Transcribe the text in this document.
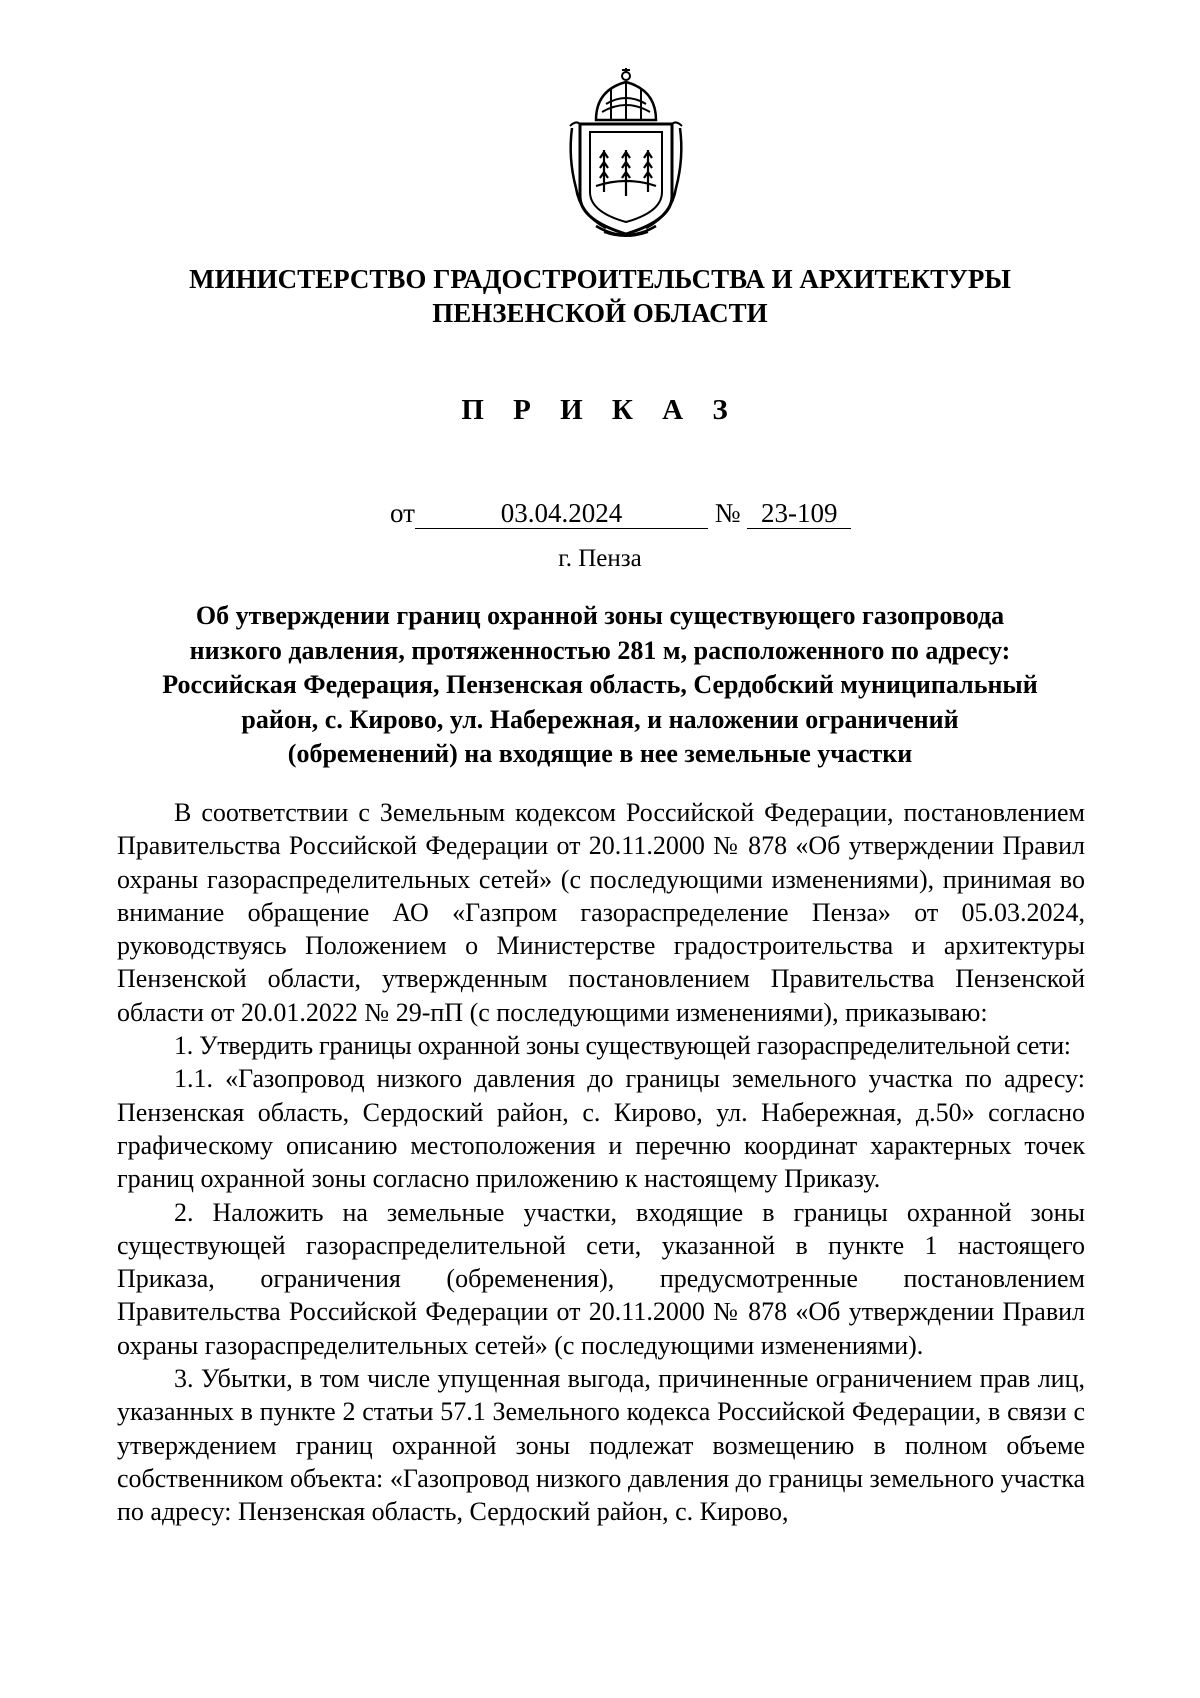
МИНИСТЕРСТВО ГРАДОСТРОИТЕЛЬСТВА И АРХИТЕКТУРЫ
ПЕНЗЕНСКОЙ ОБЛАСТИ
П Р И К А З
от	03.04.2024	№ 23-109
г. Пенза
Об утверждении границ охранной зоны существующего газопровода
низкого давления, протяженностью 281 м, расположенного по адресу:
Российская Федерация, Пензенская область, Сердобский муниципальный
район, с. Кирово, ул. Набережная, и наложении ограничений
(обременений) на входящие в нее земельные участки

В соответствии с Земельным кодексом Российской Федерации, постановлением Правительства Российской Федерации от 20.11.2000 № 878 «Об утверждении Правил охраны газораспределительных сетей» (с последующими изменениями), принимая во внимание обращение АО «Газпром газораспределение Пенза» от 05.03.2024, руководствуясь Положением о Министерстве градостроительства и архитектуры Пензенской области, утвержденным постановлением Правительства Пензенской области от 20.01.2022 № 29-пП (с последующими изменениями), приказываю:

1. Утвердить границы охранной зоны существующей газораспределительной сети:

1.1. «Газопровод низкого давления до границы земельного участка по адресу: Пензенская область, Сердоский район, с. Кирово, ул. Набережная, д.50» согласно графическому описанию местоположения и перечню координат характерных точек границ охранной зоны согласно приложению к настоящему Приказу.

2. Наложить на земельные участки, входящие в границы охранной зоны существующей газораспределительной сети, указанной в пункте 1 настоящего Приказа, ограничения (обременения), предусмотренные постановлением Правительства Российской Федерации от 20.11.2000 № 878 «Об утверждении Правил охраны газораспределительных сетей» (с последующими изменениями).

3. Убытки, в том числе упущенная выгода, причиненные ограничением прав лиц, указанных в пункте 2 статьи 57.1 Земельного кодекса Российской Федерации, в связи с утверждением границ охранной зоны подлежат возмещению в полном объеме собственником объекта: «Газопровод низкого давления до границы земельного участка по адресу: Пензенская область, Сердоский район, с. Кирово,
